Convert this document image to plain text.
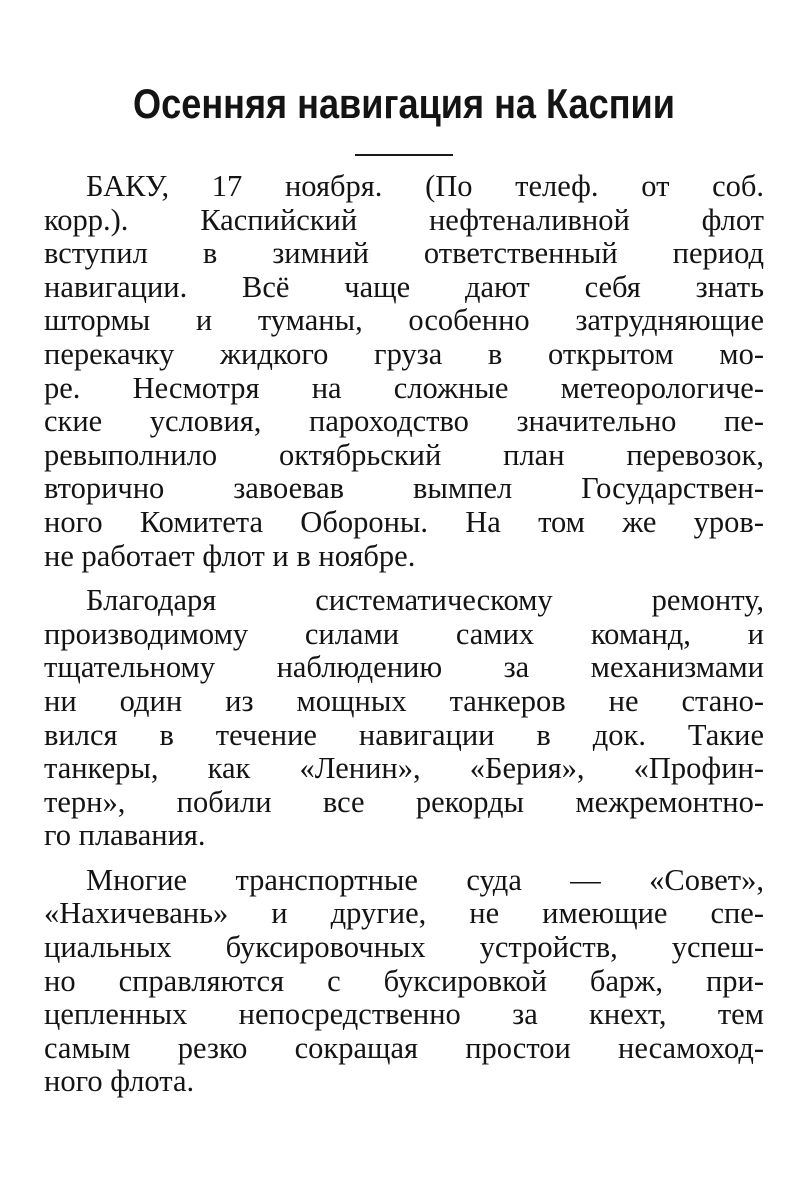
Осенняя навигация на Каспии
БАКУ, 17 ноября. (По телеф. от соб.
корр.). Каспийский нефтеналивной флот
вступил в зимний ответственный период
навигации. Всё чаще дают себя знать
штормы и туманы, особенно затрудняющие
перекачку жидкого груза в открытом мо-
ре. Несмотря на сложные метеорологиче-
ские условия, пароходство значительно пе-
ревыполнило октябрьский план перевозок,
вторично завоевав вымпел Государствен-
ного Комитета Обороны. На том же уров-
не работает флот и в ноябре.
Благодаря систематическому ремонту,
производимому силами самих команд, и
тщательному наблюдению за механизмами
ни один из мощных танкеров не стано-
вился в течение навигации в док. Такие
танкеры, как «Ленин», «Берия», «Профин-
терн», побили все рекорды межремонтно-
го плавания.
Многие транспортные суда — «Совет»,
«Нахичевань» и другие, не имеющие спе-
циальных буксировочных устройств, успеш-
но справляются с буксировкой барж, при-
цепленных непосредственно за кнехт, тем
самым резко сокращая простои несамоход-
ного флота.
